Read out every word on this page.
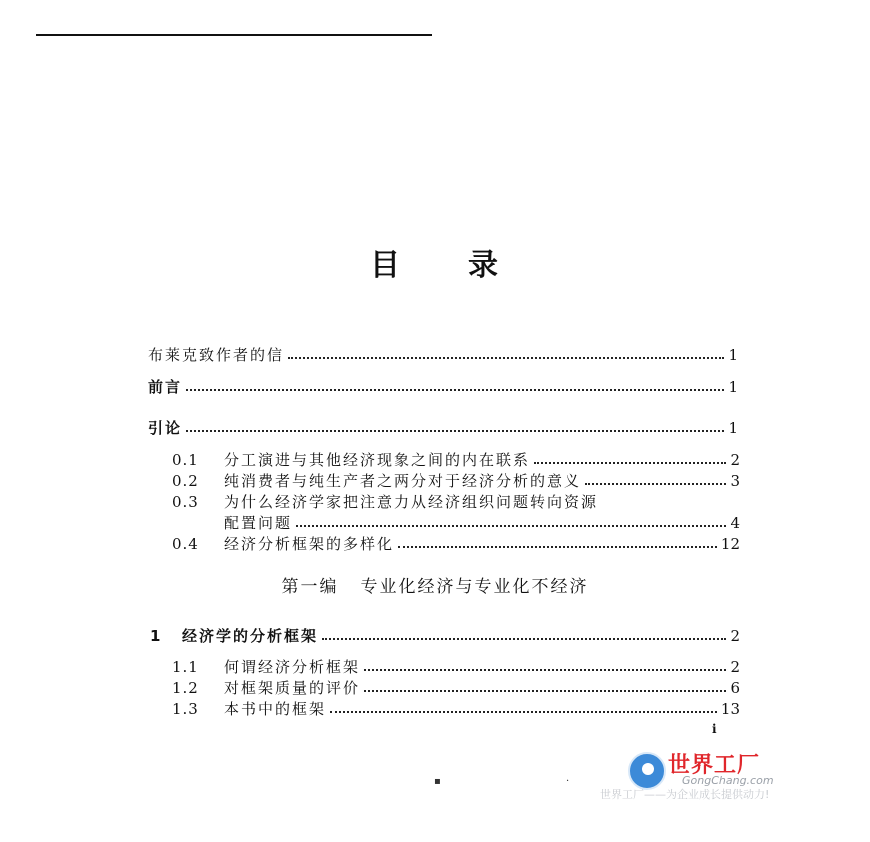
目 录
布莱克致作者的信	1
前言	1
引论	1
0.1	分工演进与其他经济现象之间的内在联系	2
0.2	纯消费者与纯生产者之两分对于经济分析的意义	3
0.3	为什么经济学家把注意力从经济组织问题转向资源
配置问题	4
0.4	经济分析框架的多样化	12
第一编 专业化经济与专业化不经济
1	经济学的分析框架	2
1.1	何谓经济分析框架	2
1.2	对框架质量的评价	6
1.3	本书中的框架	13
i
▪	·
世界工厂
GongChang.com
世界工厂——为企业成长提供动力!
